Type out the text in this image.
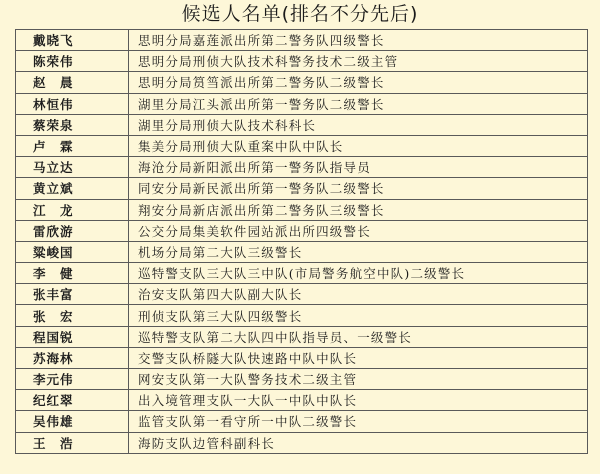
候选人名单(排名不分先后)
戴晓飞	思明分局嘉莲派出所第二警务队四级警长
陈荣伟	思明分局刑侦大队技术科警务技术二级主管
赵　晨	思明分局筼筜派出所第二警务队二级警长
林恒伟	湖里分局江头派出所第一警务队二级警长
蔡荣泉	湖里分局刑侦大队技术科科长
卢　霖	集美分局刑侦大队重案中队中队长
马立达	海沧分局新阳派出所第一警务队指导员
黄立斌	同安分局新民派出所第一警务队二级警长
江　龙	翔安分局新店派出所第二警务队三级警长
雷欣游	公交分局集美软件园站派出所四级警长
粱峻国	机场分局第二大队三级警长
李　健	巡特警支队三大队三中队(市局警务航空中队)二级警长
张丰富	治安支队第四大队副大队长
张　宏	刑侦支队第三大队四级警长
程国锐	巡特警支队第二大队四中队指导员、一级警长
苏海林	交警支队桥隧大队快速路中队中队长
李元伟	网安支队第一大队警务技术二级主管
纪红翠	出入境管理支队一大队一中队中队长
吴伟雄	监管支队第一看守所一中队二级警长
王　浩	海防支队边管科副科长
